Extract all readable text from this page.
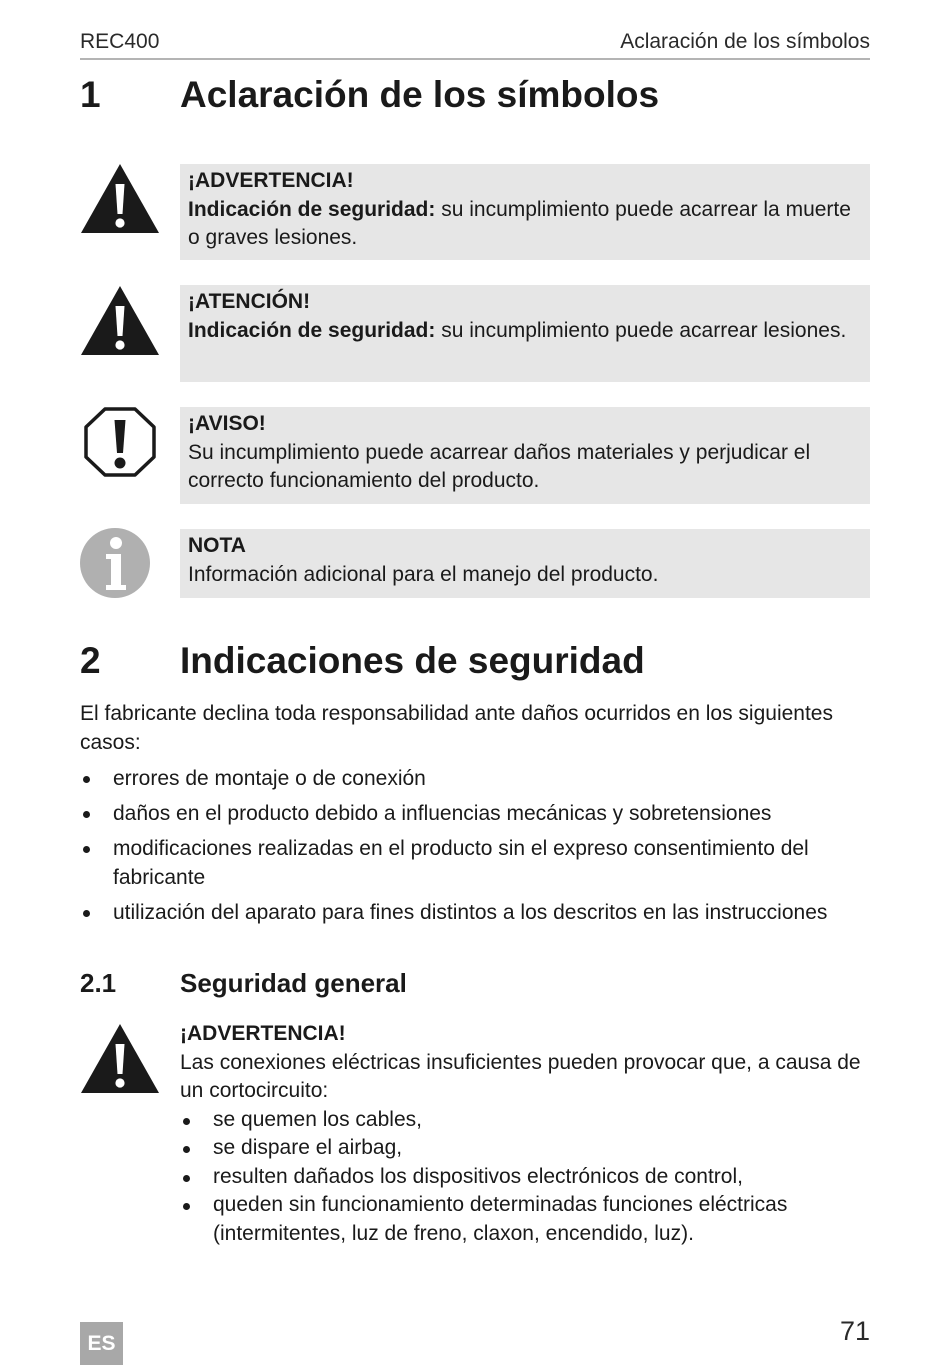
REC400	Aclaración de los símbolos
1 Aclaración de los símbolos
¡ADVERTENCIA!
Indicación de seguridad: su incumplimiento puede acarrear la muerte o graves lesiones.
¡ATENCIÓN!
Indicación de seguridad: su incumplimiento puede acarrear lesiones.
¡AVISO!
Su incumplimiento puede acarrear daños materiales y perjudicar el correcto funcionamiento del producto.
NOTA
Información adicional para el manejo del producto.
2 Indicaciones de seguridad
El fabricante declina toda responsabilidad ante daños ocurridos en los siguientes casos:
errores de montaje o de conexión
daños en el producto debido a influencias mecánicas y sobretensiones
modificaciones realizadas en el producto sin el expreso consentimiento del fabricante
utilización del aparato para fines distintos a los descritos en las instrucciones
2.1 Seguridad general
¡ADVERTENCIA!
Las conexiones eléctricas insuficientes pueden provocar que, a causa de un cortocircuito:
se quemen los cables,
se dispare el airbag,
resulten dañados los dispositivos electrónicos de control,
queden sin funcionamiento determinadas funciones eléctricas (intermitentes, luz de freno, claxon, encendido, luz).
ES	71
